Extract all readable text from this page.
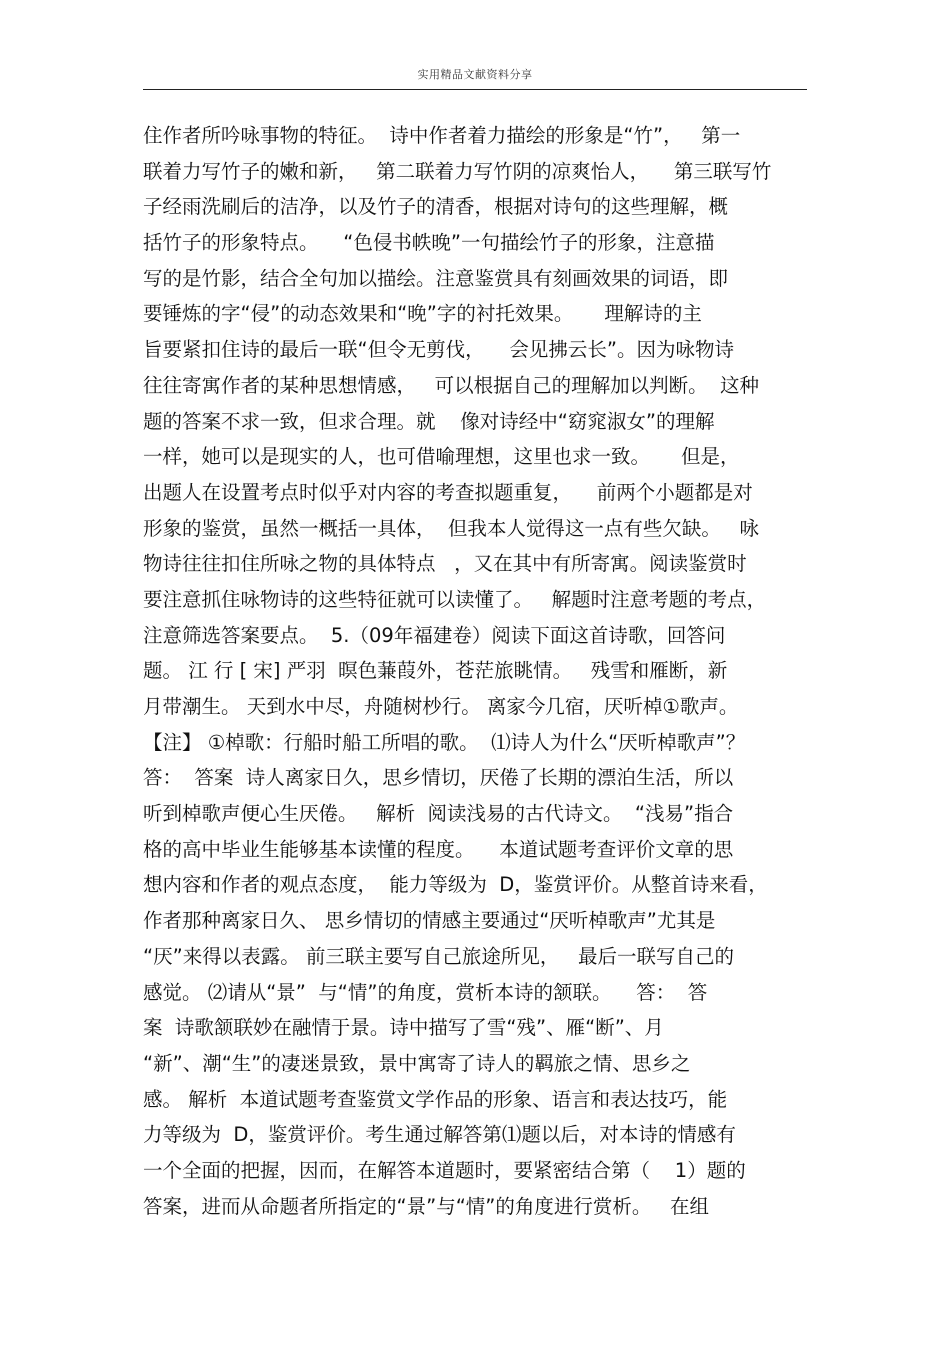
实用精品文献资料分享
住作者所吟咏事物的特征。  诗中作者着力描绘的形象是“竹”，   第一
联着力写竹子的嫩和新，   第二联着力写竹阴的凉爽怡人，    第三联写竹
子经雨洗刷后的洁净，以及竹子的清香，根据对诗句的这些理解，概
括竹子的形象特点。    “色侵书帙晚”一句描绘竹子的形象，注意描
写的是竹影，结合全句加以描绘。注意鉴赏具有刻画效果的词语，即
要锤炼的字“侵”的动态效果和“晚”字的衬托效果。     理解诗的主
旨要紧扣住诗的最后一联“但令无剪伐，    会见拂云长”。因为咏物诗
往往寄寓作者的某种思想情感，   可以根据自己的理解加以判断。  这种
题的答案不求一致，但求合理。就    像对诗经中“窈窕淑女”的理解
一样，她可以是现实的人，也可借喻理想，这里也求一致。     但是，
出题人在设置考点时似乎对内容的考查拟题重复，    前两个小题都是对
形象的鉴赏，虽然一概括一具体，  但我本人觉得这一点有些欠缺。   咏
物诗往往扣住所咏之物的具体特点   ，又在其中有所寄寓。阅读鉴赏时
要注意抓住咏物诗的这些特征就可以读懂了。   解题时注意考题的考点，
注意筛选答案要点。  5.（09年福建卷）阅读下面这首诗歌，回答问
题。 江 行 [ 宋] 严羽  暝色蒹葭外，苍茫旅眺情。   残雪和雁断，新
月带潮生。 天到水中尽，舟随树杪行。 离家今几宿，厌听棹①歌声。
【注】 ①棹歌：行船时船工所唱的歌。  ⑴诗人为什么“厌听棹歌声”？
答：  答案  诗人离家日久，思乡情切，厌倦了长期的漂泊生活，所以
听到棹歌声便心生厌倦。   解析  阅读浅易的古代诗文。  “浅易”指合
格的高中毕业生能够基本读懂的程度。    本道试题考查评价文章的思
想内容和作者的观点态度，  能力等级为  D，鉴赏评价。从整首诗来看，
作者那种离家日久、 思乡情切的情感主要通过“厌听棹歌声”尤其是
“厌”来得以表露。 前三联主要写自己旅途所见，   最后一联写自己的
感觉。 ⑵请从“景”  与“情”的角度，赏析本诗的颔联。    答：  答
案  诗歌颔联妙在融情于景。诗中描写了雪“残”、雁“断”、月
“新”、潮“生”的凄迷景致，景中寓寄了诗人的羁旅之情、思乡之
感。 解析  本道试题考查鉴赏文学作品的形象、语言和表达技巧，能
力等级为  D，鉴赏评价。考生通过解答第⑴题以后，对本诗的情感有
一个全面的把握，因而，在解答本道题时，要紧密结合第（    1）题的
答案，进而从命题者所指定的“景”与“情”的角度进行赏析。   在组
